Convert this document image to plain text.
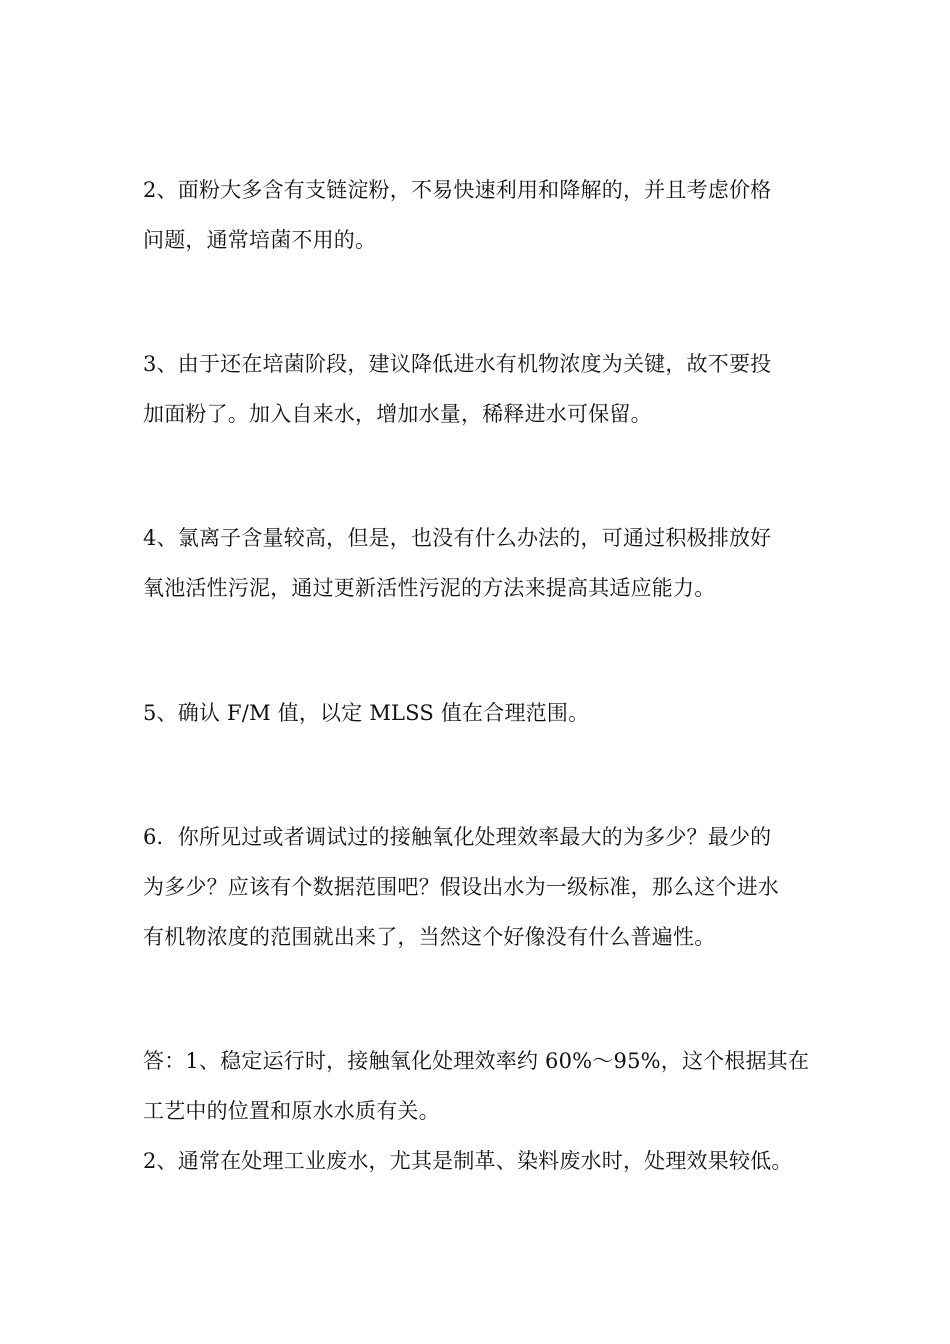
2、面粉大多含有支链淀粉，不易快速利用和降解的，并且考虑价格
问题，通常培菌不用的。
3、由于还在培菌阶段，建议降低进水有机物浓度为关键，故不要投
加面粉了。加入自来水，增加水量，稀释进水可保留。
4、氯离子含量较高，但是，也没有什么办法的，可通过积极排放好
氧池活性污泥，通过更新活性污泥的方法来提高其适应能力。
5、确认 F/M 值，以定 MLSS 值在合理范围。
6．你所见过或者调试过的接触氧化处理效率最大的为多少？最少的
为多少？应该有个数据范围吧？假设出水为一级标准，那么这个进水
有机物浓度的范围就出来了，当然这个好像没有什么普遍性。
答：1、稳定运行时，接触氧化处理效率约 60%～95%，这个根据其在
工艺中的位置和原水水质有关。
2、通常在处理工业废水，尤其是制革、染料废水时，处理效果较低。
